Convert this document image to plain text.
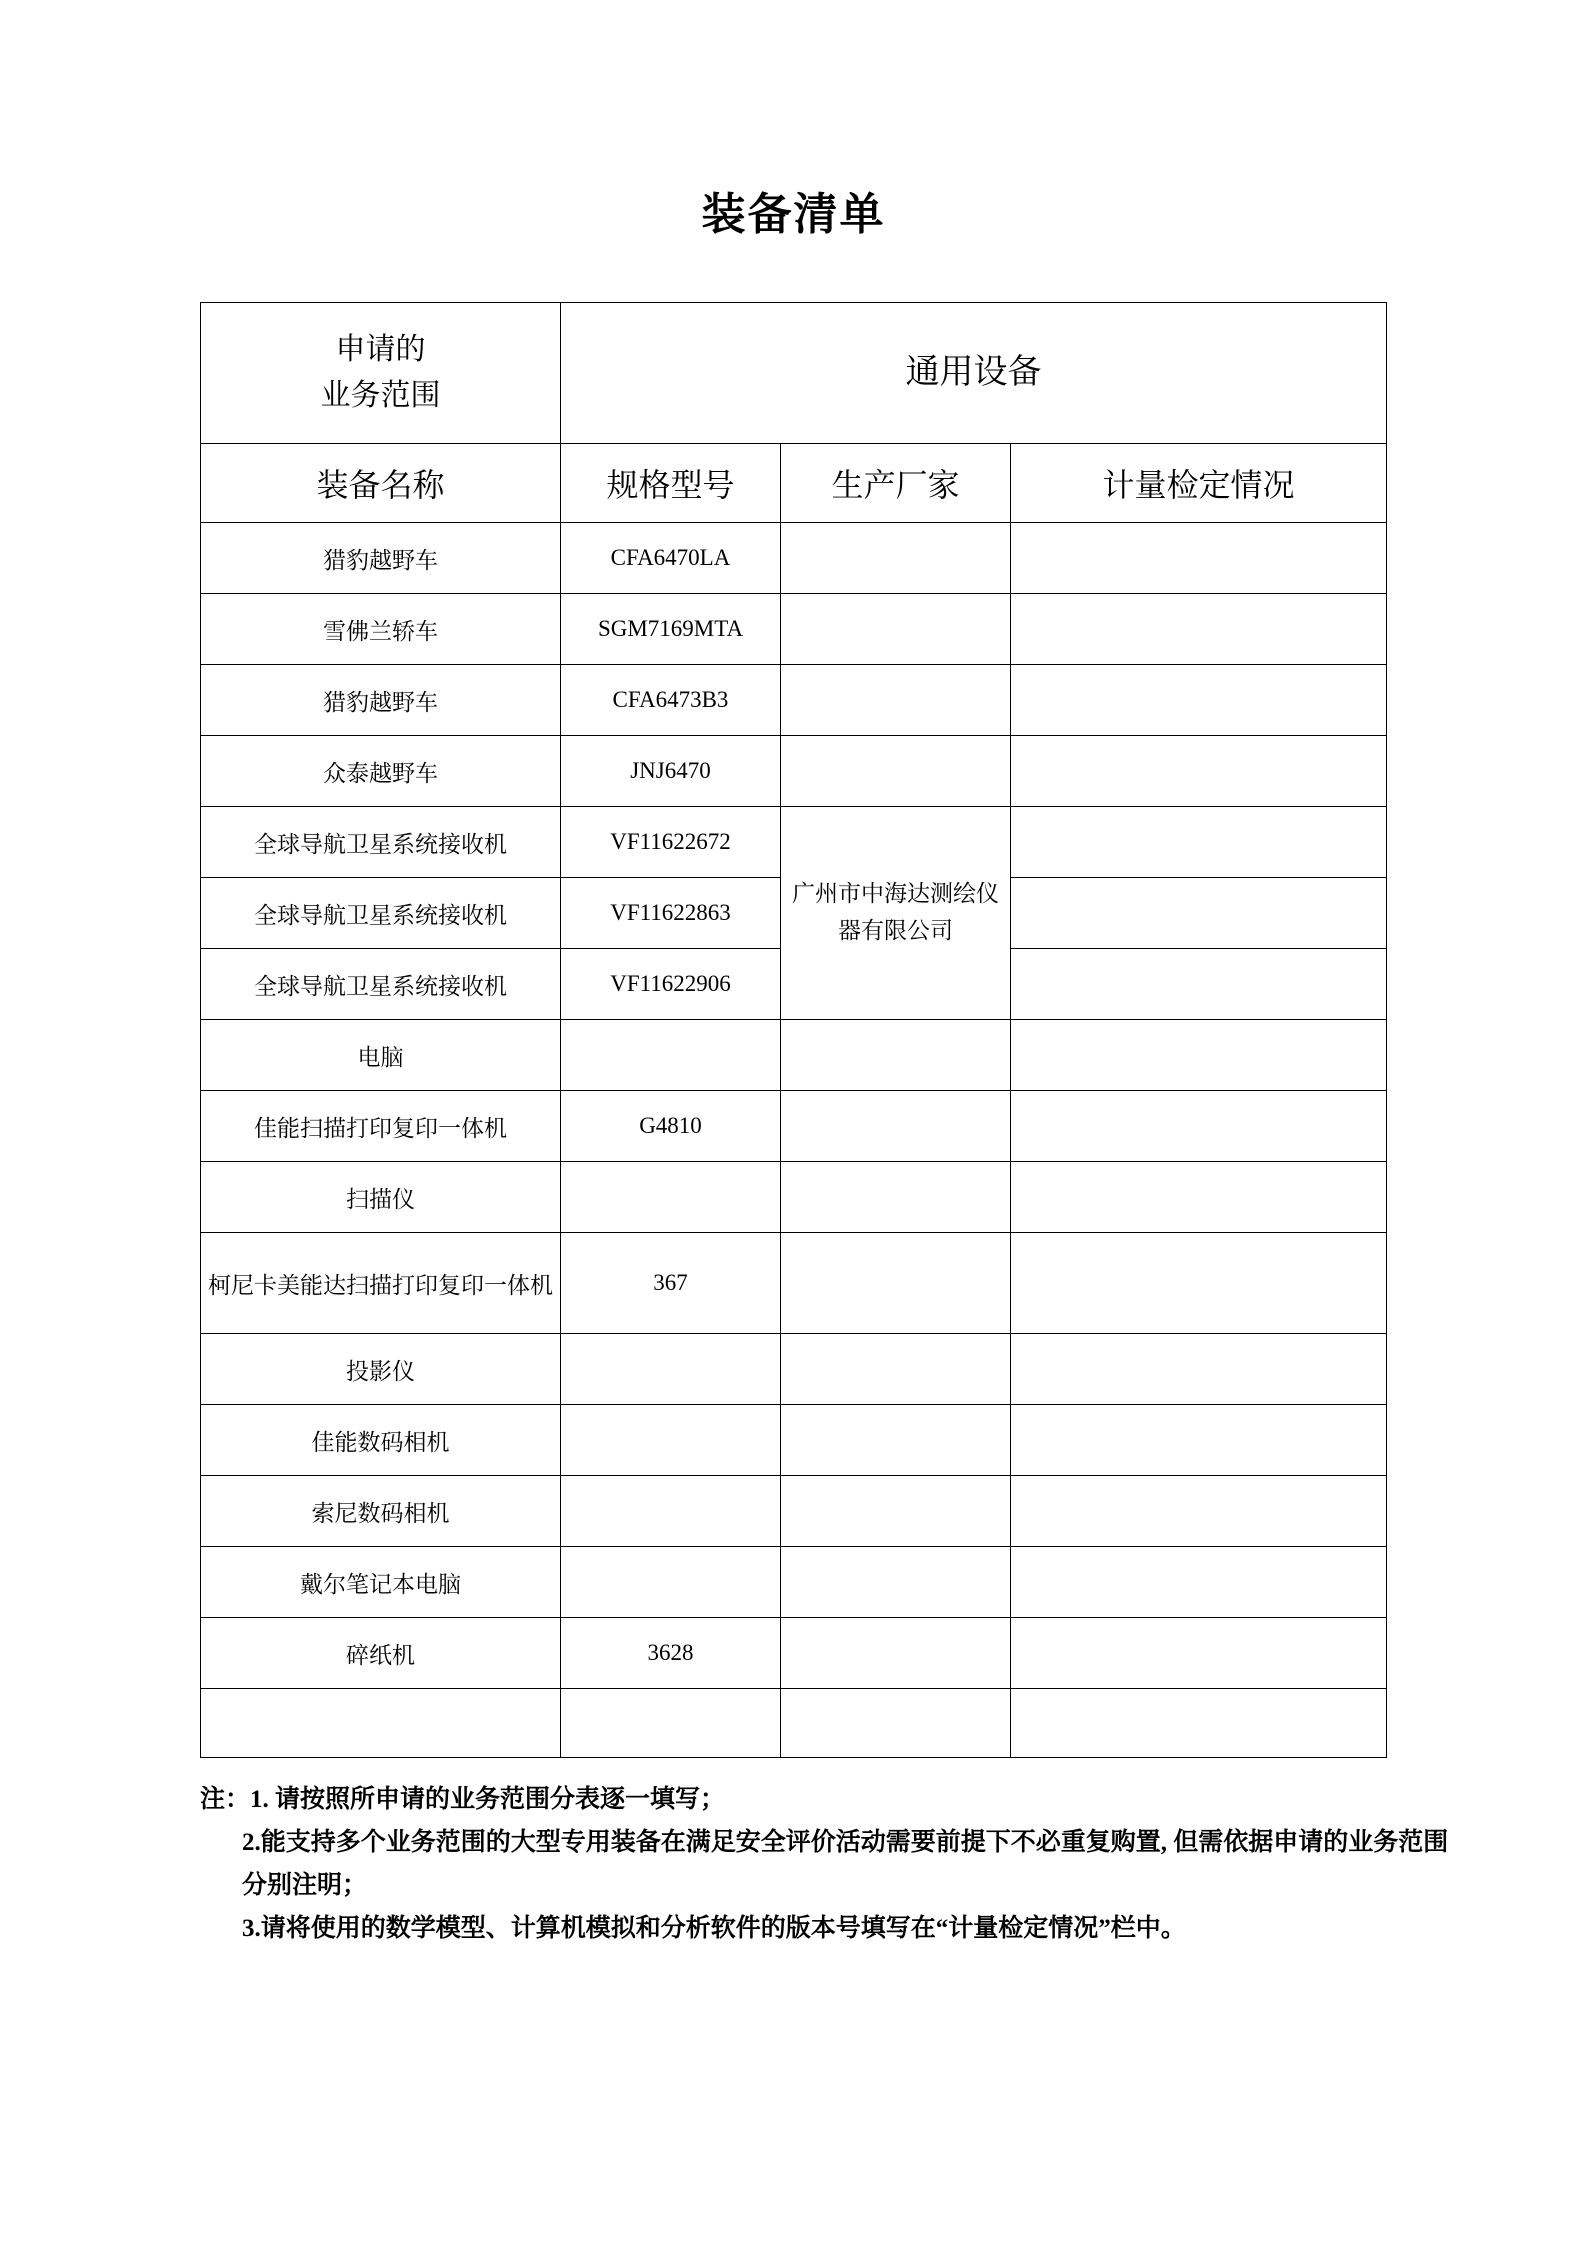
装备清单
申请的
业务范围	通用设备		
装备名称	规格型号	生产厂家	计量检定情况
猎豹越野车	CFA6470LA		
雪佛兰轿车	SGM7169MTA		
猎豹越野车	CFA6473B3		
众泰越野车	JNJ6470		
全球导航卫星系统接收机	VF11622672	广州市中海达测绘仪器有限公司	
全球导航卫星系统接收机	VF11622863		
全球导航卫星系统接收机	VF11622906		
电脑			
佳能扫描打印复印一体机	G4810		
扫描仪			
柯尼卡美能达扫描打印复印一体机	367		
投影仪			
佳能数码相机			
索尼数码相机			
戴尔笔记本电脑			
碎纸机	3628		

注：1. 请按照所申请的业务范围分表逐一填写；
2.能支持多个业务范围的大型专用装备在满足安全评价活动需要前提下不必重复购置, 但需依据申请的业务范围分别注明；
3.请将使用的数学模型、计算机模拟和分析软件的版本号填写在“计量检定情况”栏中。
